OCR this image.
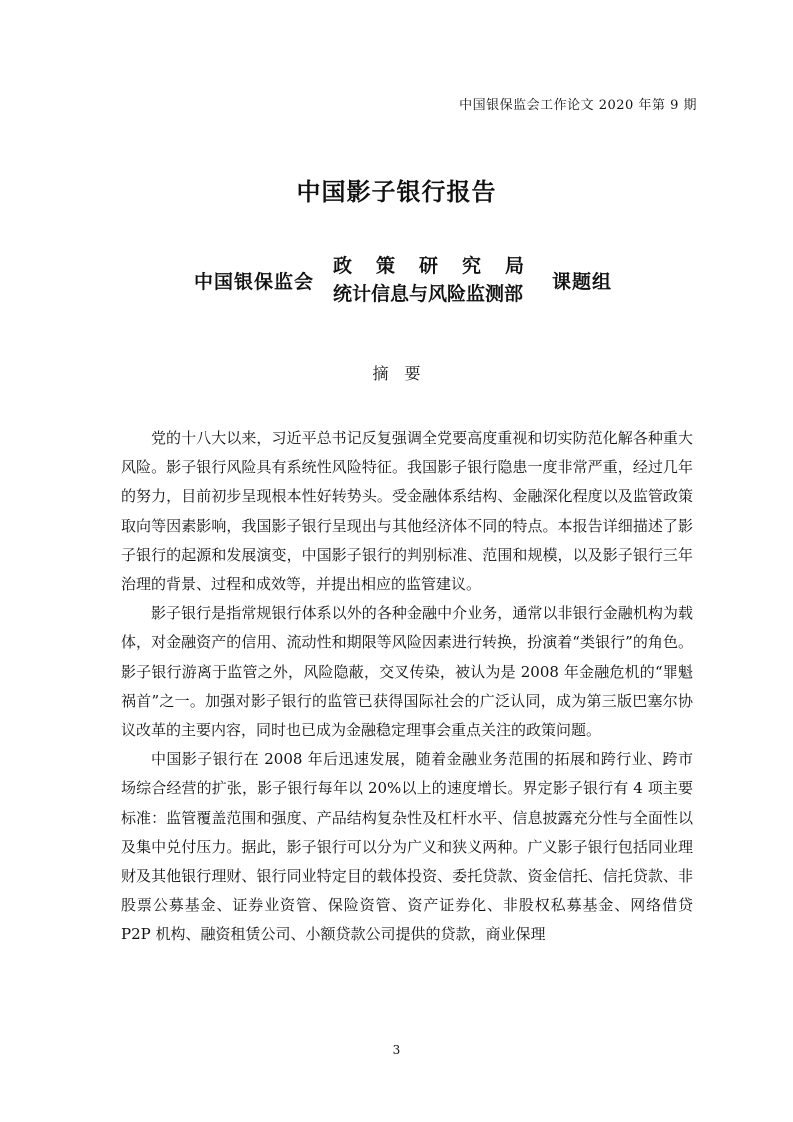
中国银保监会工作论文 2020 年第 9 期
中国影子银行报告
中国银保监会
政策研究局
统计信息与风险监测部
课题组
摘要

党的十八大以来，习近平总书记反复强调全党要高度重视和切实防范化解各种重大风险。影子银行风险具有系统性风险特征。我国影子银行隐患一度非常严重，经过几年的努力，目前初步呈现根本性好转势头。受金融体系结构、金融深化程度以及监管政策取向等因素影响，我国影子银行呈现出与其他经济体不同的特点。本报告详细描述了影子银行的起源和发展演变，中国影子银行的判别标准、范围和规模，以及影子银行三年治理的背景、过程和成效等，并提出相应的监管建议。

影子银行是指常规银行体系以外的各种金融中介业务，通常以非银行金融机构为载体，对金融资产的信用、流动性和期限等风险因素进行转换，扮演着“类银行”的角色。影子银行游离于监管之外，风险隐蔽，交叉传染，被认为是 2008 年金融危机的“罪魁祸首”之一。加强对影子银行的监管已获得国际社会的广泛认同，成为第三版巴塞尔协议改革的主要内容，同时也已成为金融稳定理事会重点关注的政策问题。

中国影子银行在 2008 年后迅速发展，随着金融业务范围的拓展和跨行业、跨市场综合经营的扩张，影子银行每年以 20%以上的速度增长。界定影子银行有 4 项主要标准：监管覆盖范围和强度、产品结构复杂性及杠杆水平、信息披露充分性与全面性以及集中兑付压力。据此，影子银行可以分为广义和狭义两种。广义影子银行包括同业理财及其他银行理财、银行同业特定目的载体投资、委托贷款、资金信托、信托贷款、非股票公募基金、证券业资管、保险资管、资产证券化、非股权私募基金、网络借贷 P2P 机构、融资租赁公司、小额贷款公司提供的贷款，商业保理

3
